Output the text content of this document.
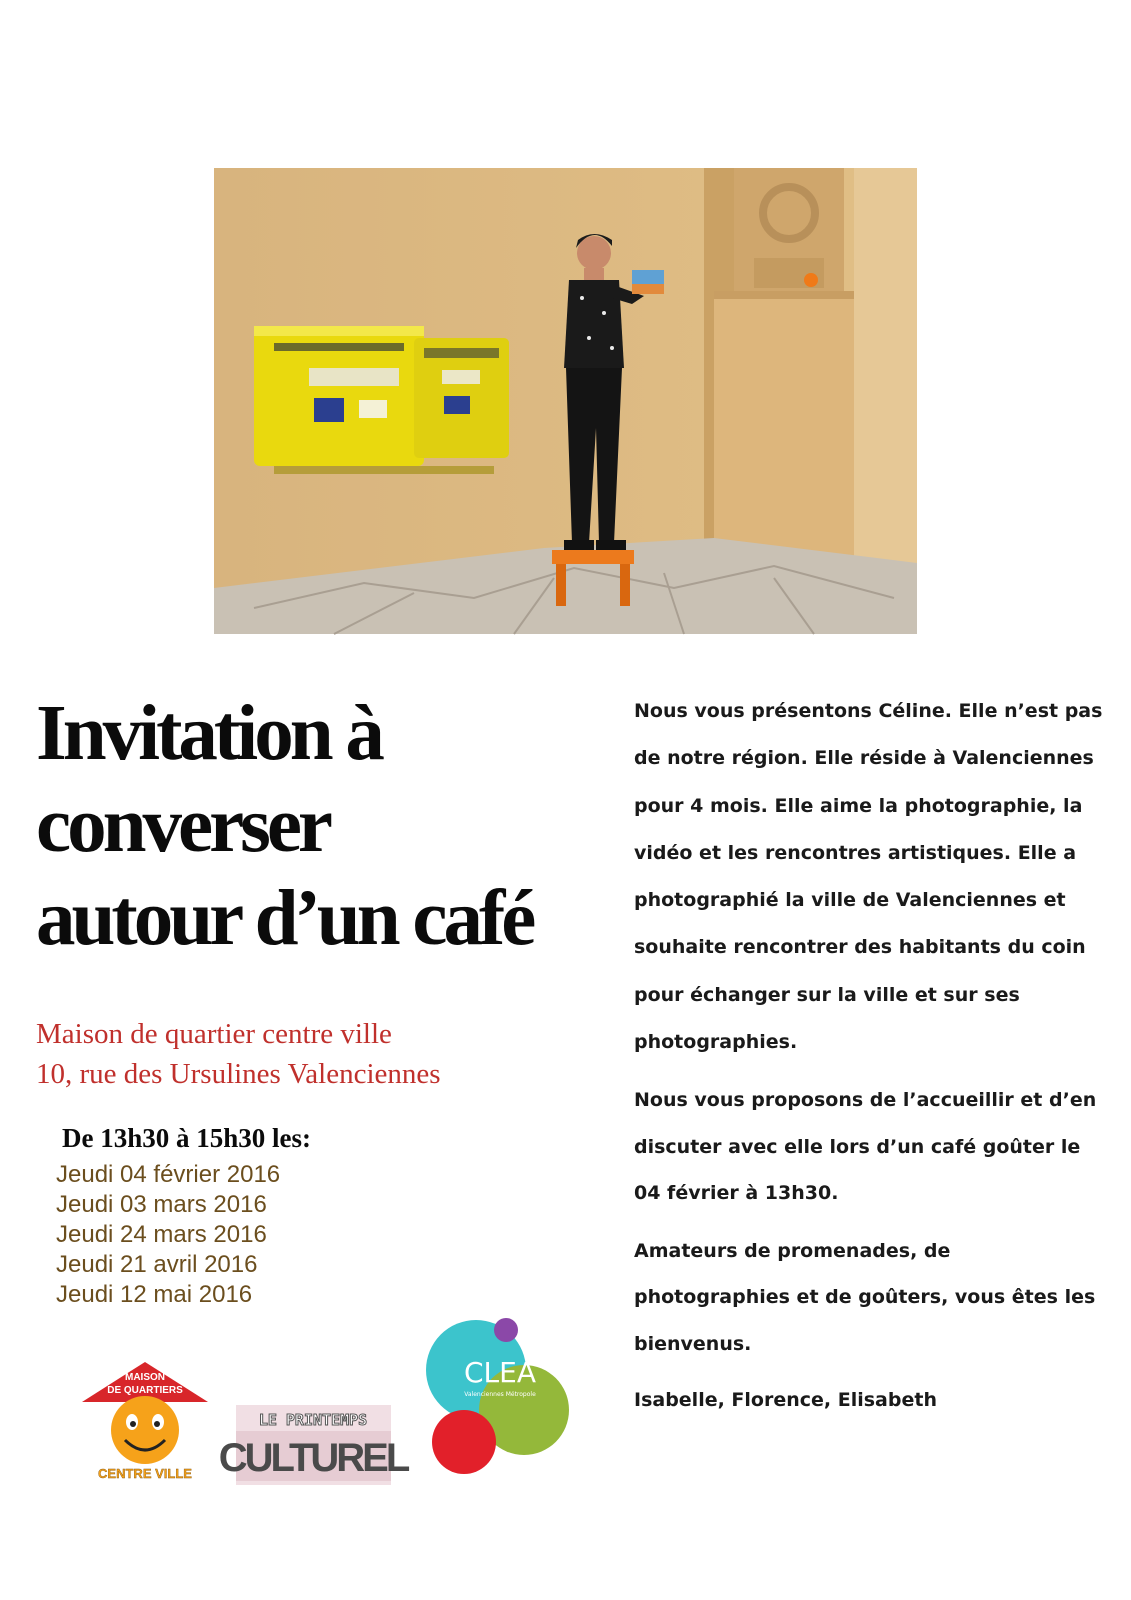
Invitation à
converser
autour d’un café
Maison de quartier centre ville
10, rue des Ursulines Valenciennes

De 13h30 à 15h30 les:

Jeudi 04 février 2016
Jeudi 03 mars 2016
Jeudi 24 mars 2016
Jeudi 21 avril 2016
Jeudi 12 mai 2016

Nous vous présentons Céline. Elle n’est pas de notre région. Elle réside à Valenciennes pour 4 mois. Elle aime la photographie, la vidéo et les rencontres artistiques. Elle a photographié la ville de Valenciennes et souhaite rencontrer des habitants du coin pour échanger sur la ville et sur ses photographies.

Nous vous proposons de l’accueillir et d’en discuter avec elle lors d’un café goûter le 04 février à 13h30.

Amateurs de promenades, de photographies et de goûters, vous êtes les bienvenus.

Isabelle, Florence, Elisabeth

MAISON
DE QUARTIERS
CENTRE VILLE
LE PRINTEMPS
CULTUREL
CLEA
Valenciennes Métropole
